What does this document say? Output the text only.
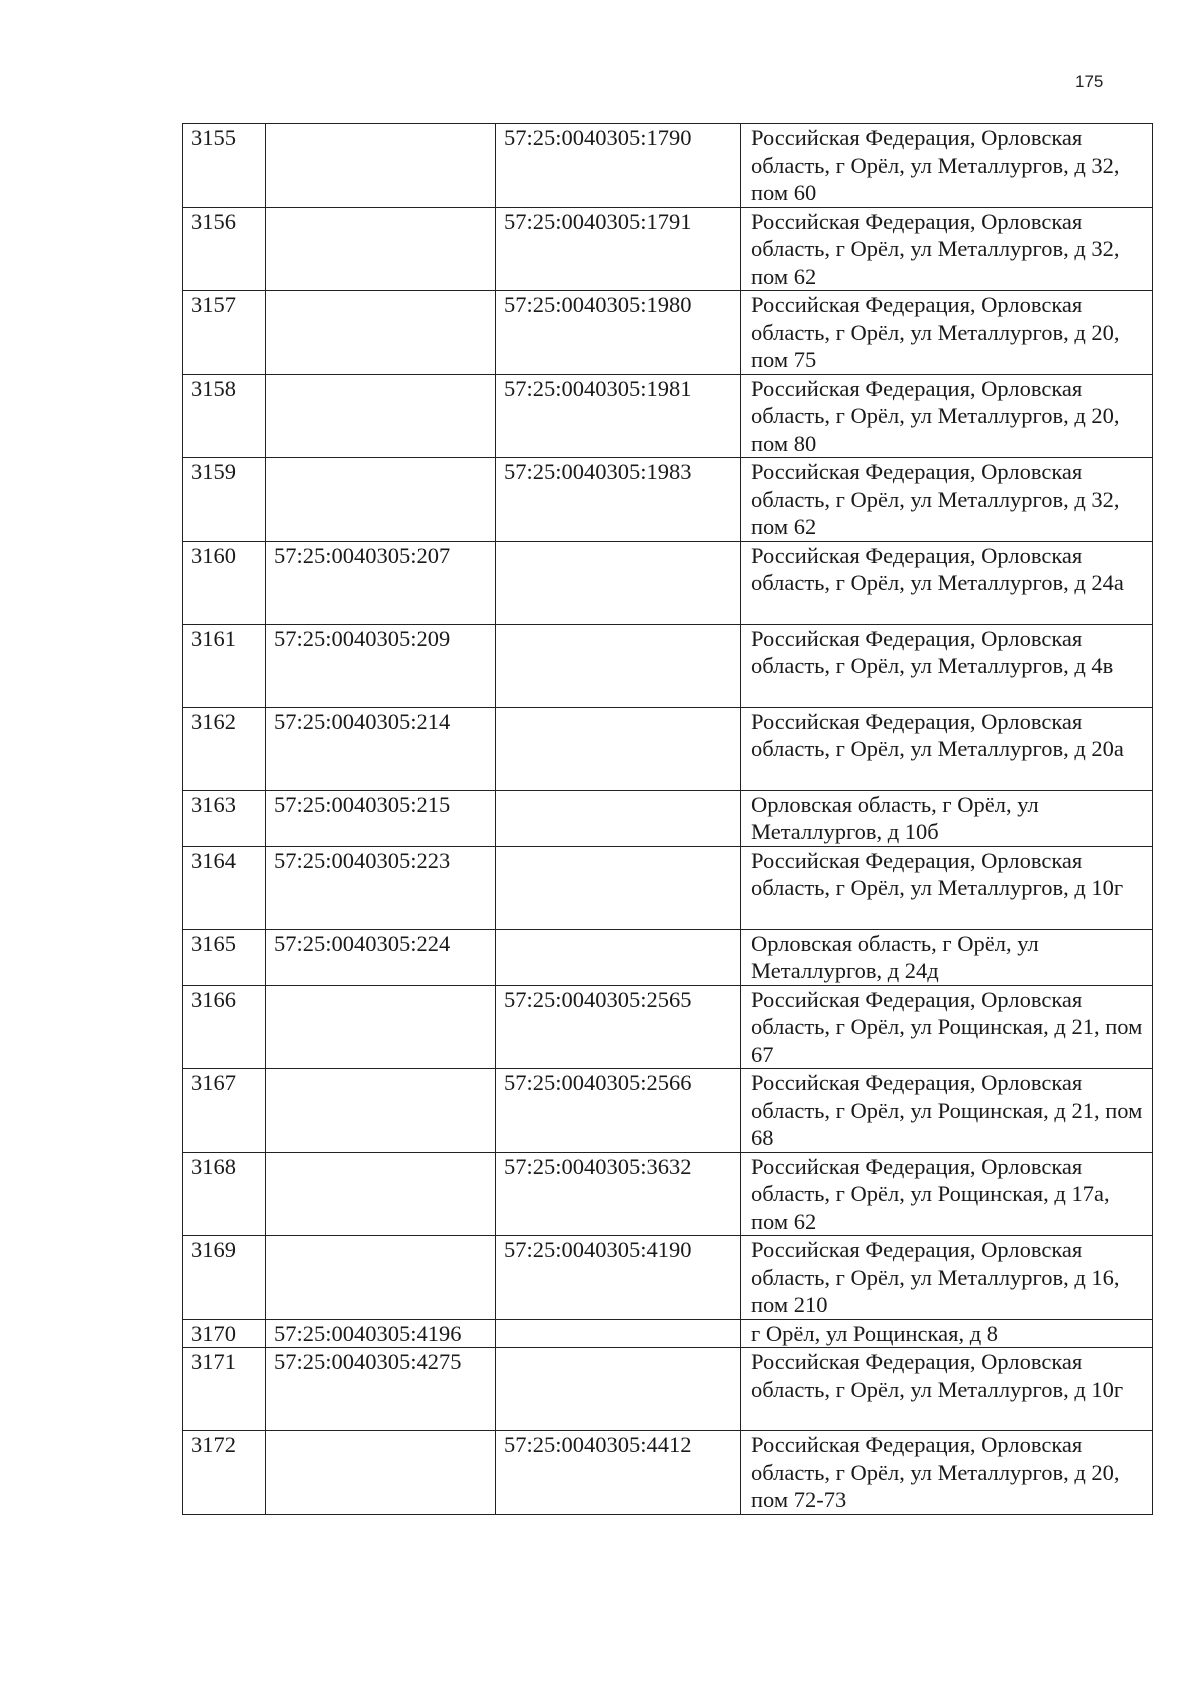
175
3155		57:25:0040305:1790	Российская Федерация, Орловская область, г Орёл, ул Металлургов, д 32, пом 60
3156		57:25:0040305:1791	Российская Федерация, Орловская область, г Орёл, ул Металлургов, д 32, пом 62
3157		57:25:0040305:1980	Российская Федерация, Орловская область, г Орёл, ул Металлургов, д 20, пом 75
3158		57:25:0040305:1981	Российская Федерация, Орловская область, г Орёл, ул Металлургов, д 20, пом 80
3159		57:25:0040305:1983	Российская Федерация, Орловская область, г Орёл, ул Металлургов, д 32, пом 62
3160	57:25:0040305:207		Российская Федерация, Орловская область, г Орёл, ул Металлургов, д 24а
3161	57:25:0040305:209		Российская Федерация, Орловская область, г Орёл, ул Металлургов, д 4в
3162	57:25:0040305:214		Российская Федерация, Орловская область, г Орёл, ул Металлургов, д 20а
3163	57:25:0040305:215		Орловская область, г Орёл, ул Металлургов, д 10б
3164	57:25:0040305:223		Российская Федерация, Орловская область, г Орёл, ул Металлургов, д 10г
3165	57:25:0040305:224		Орловская область, г Орёл, ул Металлургов, д 24д
3166		57:25:0040305:2565	Российская Федерация, Орловская область, г Орёл, ул Рощинская, д 21, пом 67
3167		57:25:0040305:2566	Российская Федерация, Орловская область, г Орёл, ул Рощинская, д 21, пом 68
3168		57:25:0040305:3632	Российская Федерация, Орловская область, г Орёл, ул Рощинская, д 17а, пом 62
3169		57:25:0040305:4190	Российская Федерация, Орловская область, г Орёл, ул Металлургов, д 16, пом 210
3170	57:25:0040305:4196		г Орёл, ул Рощинская, д 8
3171	57:25:0040305:4275		Российская Федерация, Орловская область, г Орёл, ул Металлургов, д 10г
3172		57:25:0040305:4412	Российская Федерация, Орловская область, г Орёл, ул Металлургов, д 20, пом 72-73
